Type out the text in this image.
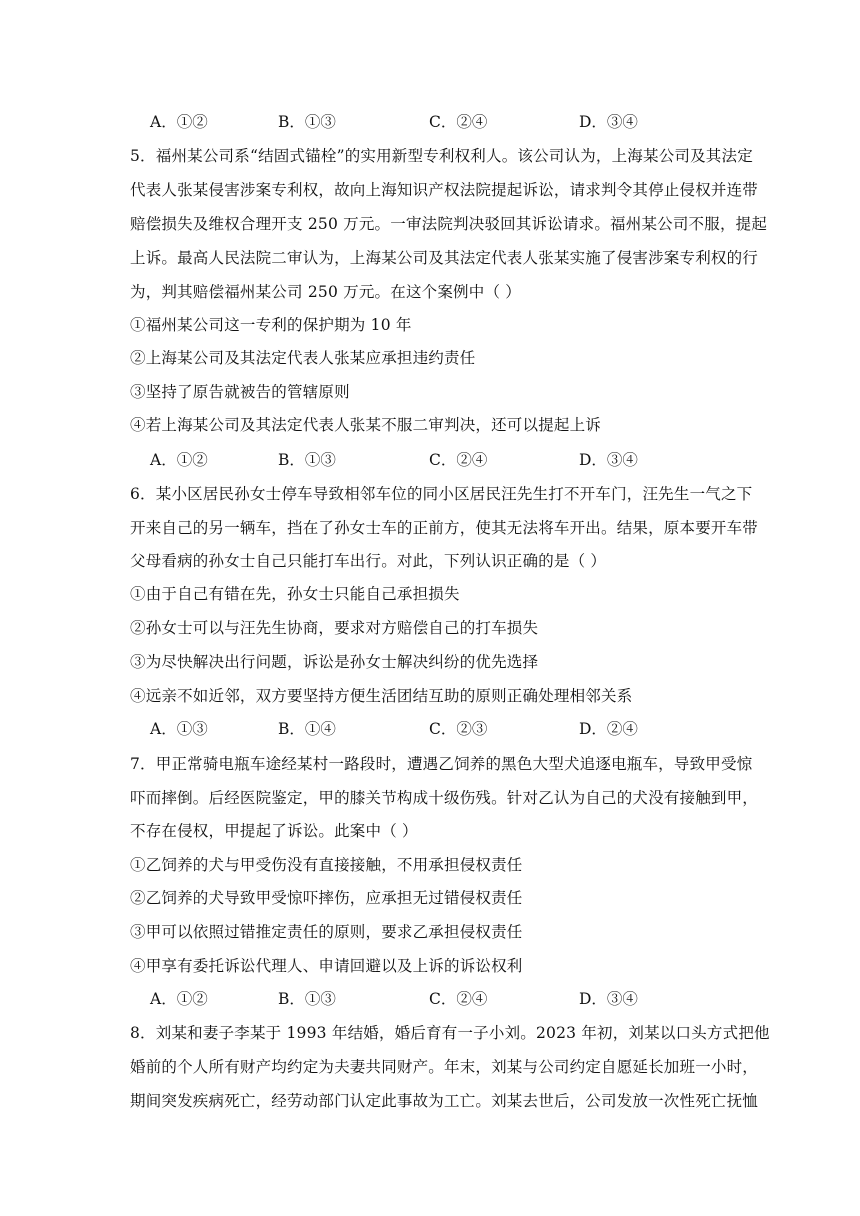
A．①②	B．①③	C．②④	D．③④
5．福州某公司系“结固式锚栓”的实用新型专利权利人。该公司认为，上海某公司及其法定
代表人张某侵害涉案专利权，故向上海知识产权法院提起诉讼，请求判令其停止侵权并连带
赔偿损失及维权合理开支 250 万元。一审法院判决驳回其诉讼请求。福州某公司不服，提起
上诉。最高人民法院二审认为，上海某公司及其法定代表人张某实施了侵害涉案专利权的行
为，判其赔偿福州某公司 250 万元。在这个案例中（ ）
①福州某公司这一专利的保护期为 10 年
②上海某公司及其法定代表人张某应承担违约责任
③坚持了原告就被告的管辖原则
④若上海某公司及其法定代表人张某不服二审判决，还可以提起上诉
A．①②	B．①③	C．②④	D．③④
6．某小区居民孙女士停车导致相邻车位的同小区居民汪先生打不开车门，汪先生一气之下
开来自己的另一辆车，挡在了孙女士车的正前方，使其无法将车开出。结果，原本要开车带
父母看病的孙女士自己只能打车出行。对此，下列认识正确的是（ ）
①由于自己有错在先，孙女士只能自己承担损失
②孙女士可以与汪先生协商，要求对方赔偿自己的打车损失
③为尽快解决出行问题，诉讼是孙女士解决纠纷的优先选择
④远亲不如近邻，双方要坚持方便生活团结互助的原则正确处理相邻关系
A．①③	B．①④	C．②③	D．②④
7．甲正常骑电瓶车途经某村一路段时，遭遇乙饲养的黑色大型犬追逐电瓶车，导致甲受惊
吓而摔倒。后经医院鉴定，甲的膝关节构成十级伤残。针对乙认为自己的犬没有接触到甲，
不存在侵权，甲提起了诉讼。此案中（ ）
①乙饲养的犬与甲受伤没有直接接触，不用承担侵权责任
②乙饲养的犬导致甲受惊吓摔伤，应承担无过错侵权责任
③甲可以依照过错推定责任的原则，要求乙承担侵权责任
④甲享有委托诉讼代理人、申请回避以及上诉的诉讼权利
A．①②	B．①③	C．②④	D．③④
8．刘某和妻子李某于 1993 年结婚，婚后育有一子小刘。2023 年初，刘某以口头方式把他
婚前的个人所有财产均约定为夫妻共同财产。年末，刘某与公司约定自愿延长加班一小时，
期间突发疾病死亡，经劳动部门认定此事故为工亡。刘某去世后，公司发放一次性死亡抚恤
